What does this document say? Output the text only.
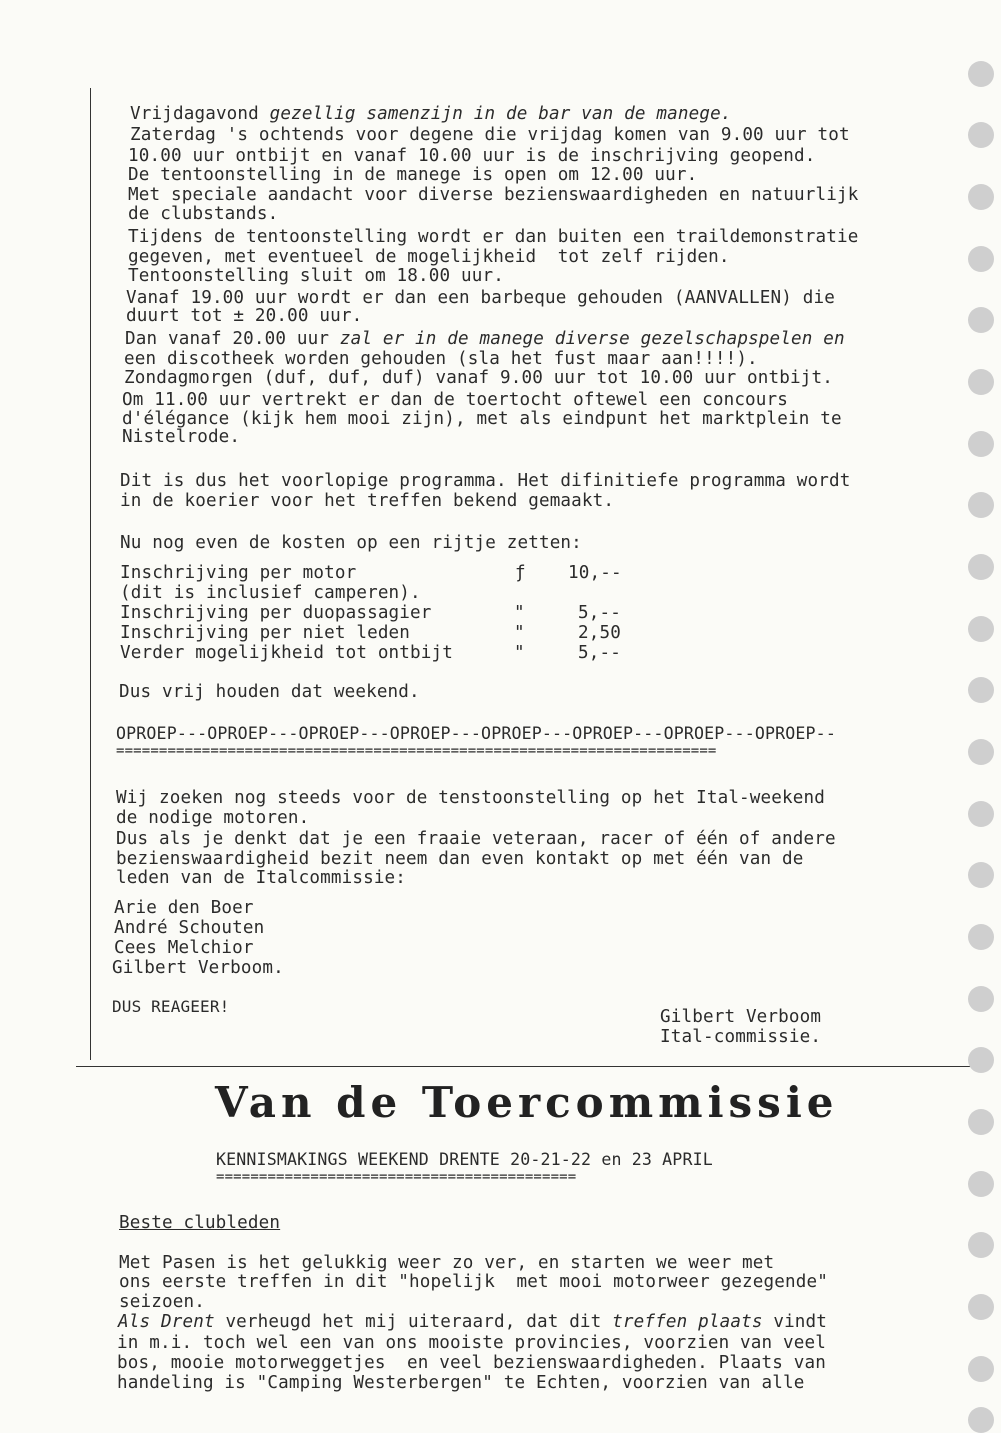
Vrijdagavond gezellig samenzijn in de bar van de manege.
Zaterdag 's ochtends voor degene die vrijdag komen van 9.00 uur tot
10.00 uur ontbijt en vanaf 10.00 uur is de inschrijving geopend.
De tentoonstelling in de manege is open om 12.00 uur.
Met speciale aandacht voor diverse bezienswaardigheden en natuurlijk
de clubstands.
Tijdens de tentoonstelling wordt er dan buiten een traildemonstratie
gegeven, met eventueel de mogelijkheid  tot zelf rijden.
Tentoonstelling sluit om 18.00 uur.
Vanaf 19.00 uur wordt er dan een barbeque gehouden (AANVALLEN) die
duurt tot ± 20.00 uur.
Dan vanaf 20.00 uur zal er in de manege diverse gezelschapspelen en
een discotheek worden gehouden (sla het fust maar aan!!!!).
Zondagmorgen (duf, duf, duf) vanaf 9.00 uur tot 10.00 uur ontbijt.
Om 11.00 uur vertrekt er dan de toertocht oftewel een concours
d'élégance (kijk hem mooi zijn), met als eindpunt het marktplein te
Nistelrode.
Dit is dus het voorlopige programma. Het difinitiefe programma wordt
in de koerier voor het treffen bekend gemaakt.
Nu nog even de kosten op een rijtje zetten:
Inschrijving per motor	ƒ 10,--
(dit is inclusief camperen).
Inschrijving per duopassagier	"	5,--
Inschrijving per niet leden	"	2,50
Verder mogelijkheid tot ontbijt	"	5,--
Dus vrij houden dat weekend.
OPROEP---OPROEP---OPROEP---OPROEP---OPROEP---OPROEP---OPROEP---OPROEP--
======================================================================
Wij zoeken nog steeds voor de tenstoonstelling op het Ital-weekend
de nodige motoren.
Dus als je denkt dat je een fraaie veteraan, racer of één of andere
bezienswaardigheid bezit neem dan even kontakt op met één van de
leden van de Italcommissie:
Arie den Boer
André Schouten
Cees Melchior
Gilbert Verboom.
DUS REAGEER!
Gilbert Verboom
Ital-commissie.
Van de Toercommissie
KENNISMAKINGS WEEKEND DRENTE 20-21-22 en 23 APRIL
==========================================
Beste clubleden
Met Pasen is het gelukkig weer zo ver, en starten we weer met
ons eerste treffen in dit "hopelijk  met mooi motorweer gezegende"
seizoen.
Als Drent verheugd het mij uiteraard, dat dit treffen plaats vindt
in m.i. toch wel een van ons mooiste provincies, voorzien van veel
bos, mooie motorweggetjes  en veel bezienswaardigheden. Plaats van
handeling is "Camping Westerbergen" te Echten, voorzien van alle
